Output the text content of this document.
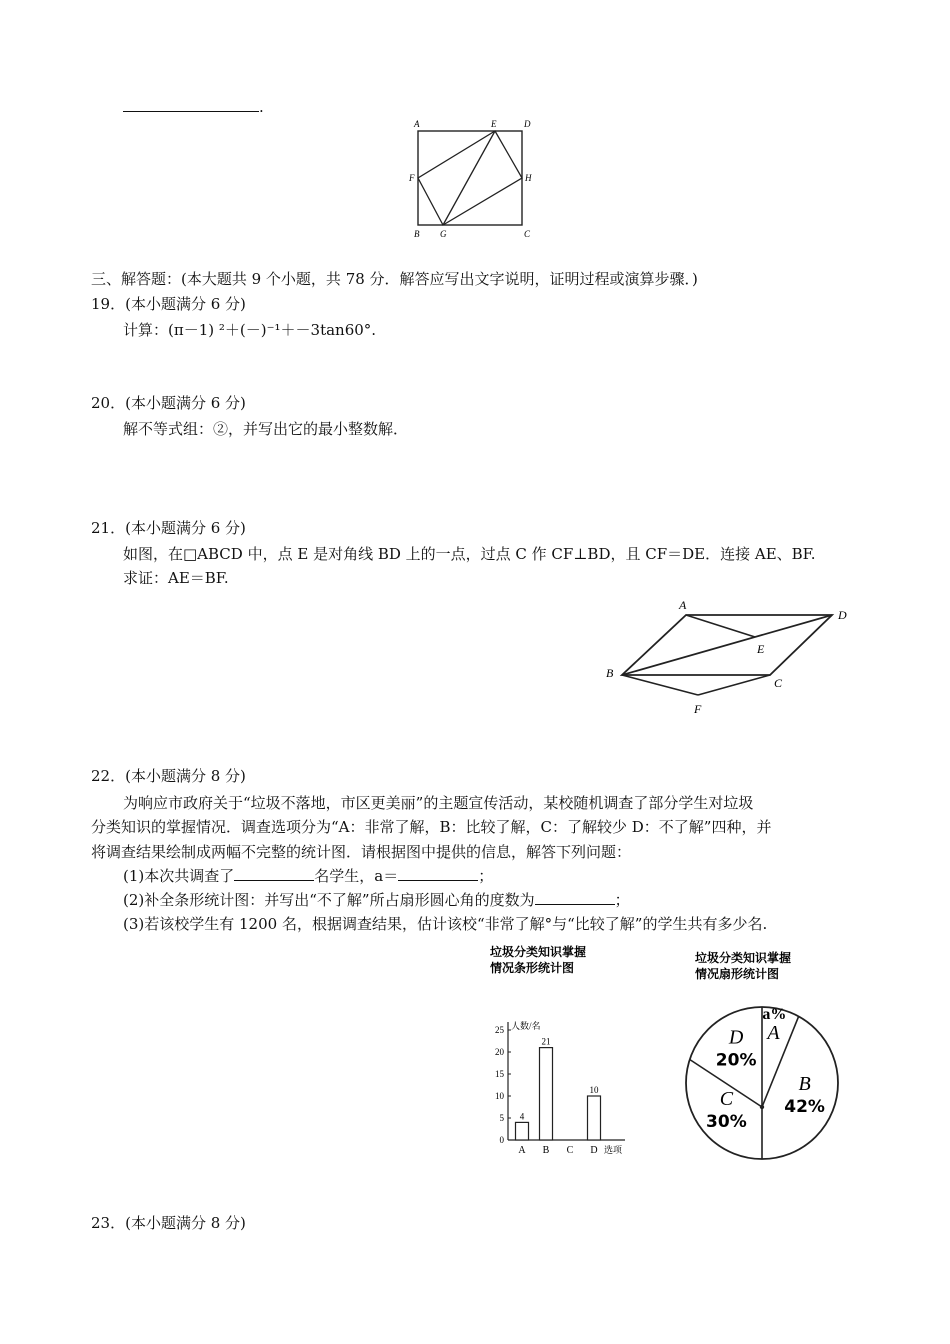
.
A	E	D
F	H
B G	C
三、解答题：(本大题共 9 个小题，共 78 分．解答应写出文字说明，证明过程或演算步骤．)
19．(本小题满分 6 分)
计算：(π－1) ²＋(－)⁻¹＋－3tan60°.
20．(本小题满分 6 分)
解不等式组：②，并写出它的最小整数解．
21．(本小题满分 6 分)
如图，在□ABCD 中，点 E 是对角线 BD 上的一点，过点 C 作 CF⊥BD，且 CF＝DE．连接 AE、BF.
求证：AE＝BF.
A
D
E
B
C
F
22．(本小题满分 8 分)
为响应市政府关于“垃圾不落地，市区更美丽”的主题宣传活动，某校随机调查了部分学生对垃圾
分类知识的掌握情况．调查选项分为“A：非常了解，B：比较了解，C：了解较少 D：不了解”四种，并
将调查结果绘制成两幅不完整的统计图．请根据图中提供的信息，解答下列问题：
(1)本次共调查了	名学生，a＝	；
(2)补全条形统计图：并写出“不了解”所占扇形圆心角的度数为	；
(3)若该校学生有 1200 名，根据调查结果，估计该校“非常了解°与“比较了解”的学生共有多少名.
垃圾分类知识掌握
情况条形统计图
人数/名
选项
0
5
10
15
20
25
A B C D
4
21
10
垃圾分类知识掌握
情况扇形统计图
a%
A
B
42%
C
30%
D
20%
23．(本小题满分 8 分)
